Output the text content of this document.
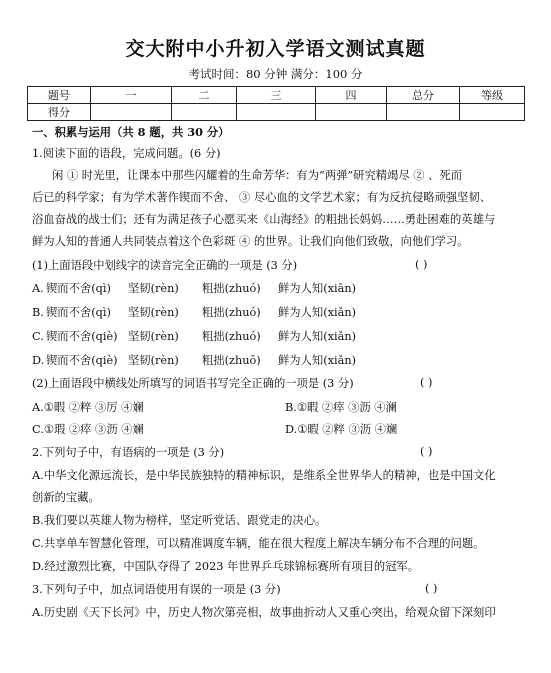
交大附中小升初入学语文测试真题
考试时间：80 分钟 满分：100 分
题号	一	二	三	四	总分	等级
得分						
一、积累与运用（共 8 题，共 30 分）
1.阅读下面的语段，完成问题。(6 分)
闲 ① 时光里，让课本中那些闪耀着的生命芳华：有为“两弹”研究精竭尽 ② 、死而
后已的科学家；有为学术著作锲而不舍、 ③ 尽心血的文学艺术家；有为反抗侵略顽强坚韧、
浴血奋战的战士们；还有为满足孩子心愿买来《山海经》的粗拙长妈妈……勇赴困难的英雄与
鲜为人知的普通人共同装点着这个色彩斑 ④ 的世界。让我们向他们致敬，向他们学习。
(1)上面语段中划线字的读音完全正确的一项是 (3 分)	( )
A. 锲而不舍(qì) 坚韧(rèn) 粗拙(zhuó) 鲜为人知(xiān)
B. 锲而不舍(qì) 坚韧(rèn) 粗拙(zhuó) 鲜为人知(xiǎn)
C. 锲而不舍(qiè) 坚韧(rèn) 粗拙(zhuó) 鲜为人知(xiǎn)
D. 锲而不舍(qiè) 坚韧(rèn) 粗拙(zhuō) 鲜为人知(xiǎn)
(2)上面语段中横线处所填写的词语书写完全正确的一项是 (3 分)	( )
A.①暇 ②粹 ③厉 ④斓	B.①暇 ②瘁 ③沥 ④澜
C.①瑕 ②瘁 ③沥 ④斓	D.①暇 ②粹 ③沥 ④斓
2.下列句子中，有语病的一项是 (3 分)	( )
A.中华文化源远流长，是中华民族独特的精神标识，是维系全世界华人的精神，也是中国文化
创新的宝藏。
B.我们要以英雄人物为榜样，坚定听党话、跟党走的决心。
C.共享单车智慧化管理，可以精准调度车辆，能在很大程度上解决车辆分布不合理的问题。
D.经过激烈比赛，中国队夺得了 2023 年世界乒乓球锦标赛所有项目的冠军。
3.下列句子中，加点词语使用有误的一项是 (3 分)	( )
A.历史剧《天下长河》中，历史人物次第亮相，故事曲折动人又重心突出，给观众留下深刻印
